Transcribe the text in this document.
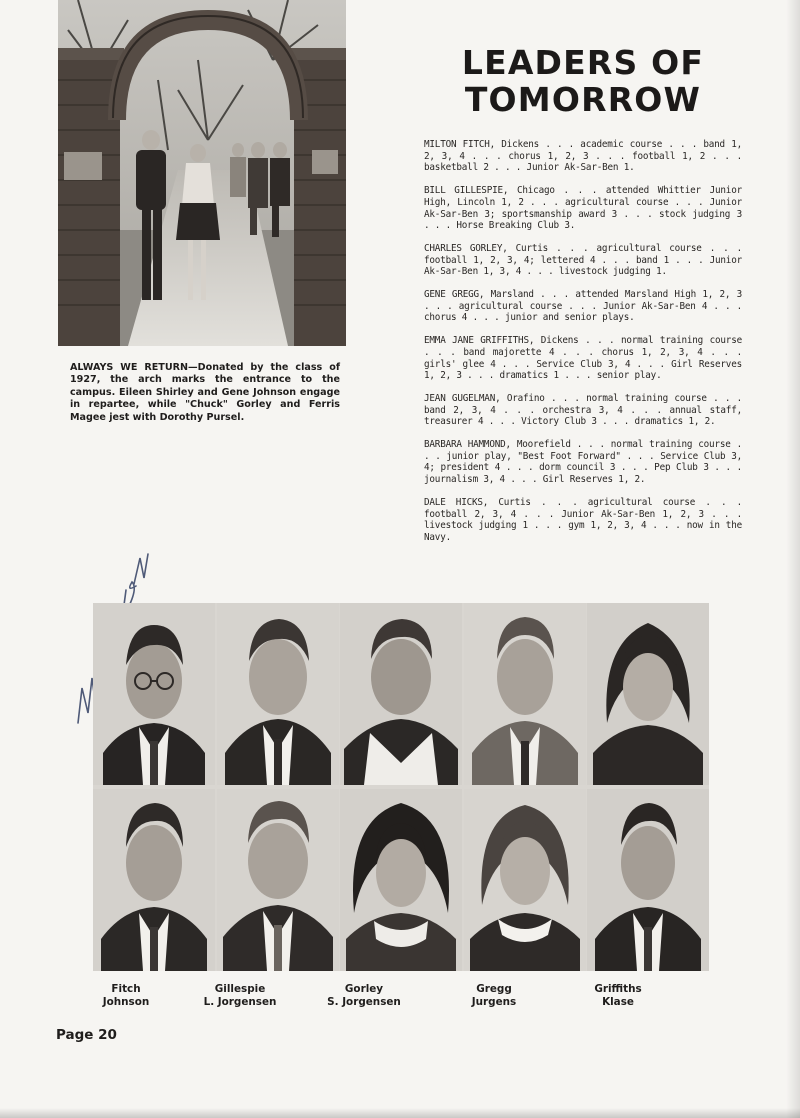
ALWAYS WE RETURN—Donated by the class of 1927, the arch marks the entrance to the campus. Eileen Shirley and Gene Johnson engage in repartee, while "Chuck" Gorley and Ferris Magee jest with Dorothy Pursel.
LEADERS OF
TOMORROW

MILTON FITCH, Dickens . . . academic course . . . band 1, 2, 3, 4 . . . chorus 1, 2, 3 . . . football 1, 2 . . . basketball 2 . . . Junior Ak-Sar-Ben 1.

BILL GILLESPIE, Chicago . . . attended Whittier Junior High, Lincoln 1, 2 . . . agricultural course . . . Junior Ak-Sar-Ben 3; sportsmanship award 3 . . . stock judging 3 . . . Horse Breaking Club 3.

CHARLES GORLEY, Curtis . . . agricultural course . . . football 1, 2, 3, 4; lettered 4 . . . band 1 . . . Junior Ak-Sar-Ben 1, 3, 4 . . . livestock judging 1.

GENE GREGG, Marsland . . . attended Marsland High 1, 2, 3 . . . agricultural course . . . Junior Ak-Sar-Ben 4 . . . chorus 4 . . . junior and senior plays.

EMMA JANE GRIFFITHS, Dickens . . . normal training course . . . band majorette 4 . . . chorus 1, 2, 3, 4 . . . girls' glee 4 . . . Service Club 3, 4 . . . Girl Reserves 1, 2, 3 . . . dramatics 1 . . . senior play.

JEAN GUGELMAN, Orafino . . . normal training course . . . band 2, 3, 4 . . . orchestra 3, 4 . . . annual staff, treasurer 4 . . . Victory Club 3 . . . dramatics 1, 2.

BARBARA HAMMOND, Moorefield . . . normal training course . . . junior play, "Best Foot Forward" . . . Service Club 3, 4; president 4 . . . dorm council 3 . . . Pep Club 3 . . . journalism 3, 4 . . . Girl Reserves 1, 2.

DALE HICKS, Curtis . . . agricultural course . . . football 2, 3, 4 . . . Junior Ak-Sar-Ben 1, 2, 3 . . . livestock judging 1 . . . gym 1, 2, 3, 4 . . . now in the Navy.

Fitch
Johnson
Gillespie
L. Jorgensen
Gorley
S. Jorgensen
Gregg
Jurgens
Griffiths
Klase
Page 20
